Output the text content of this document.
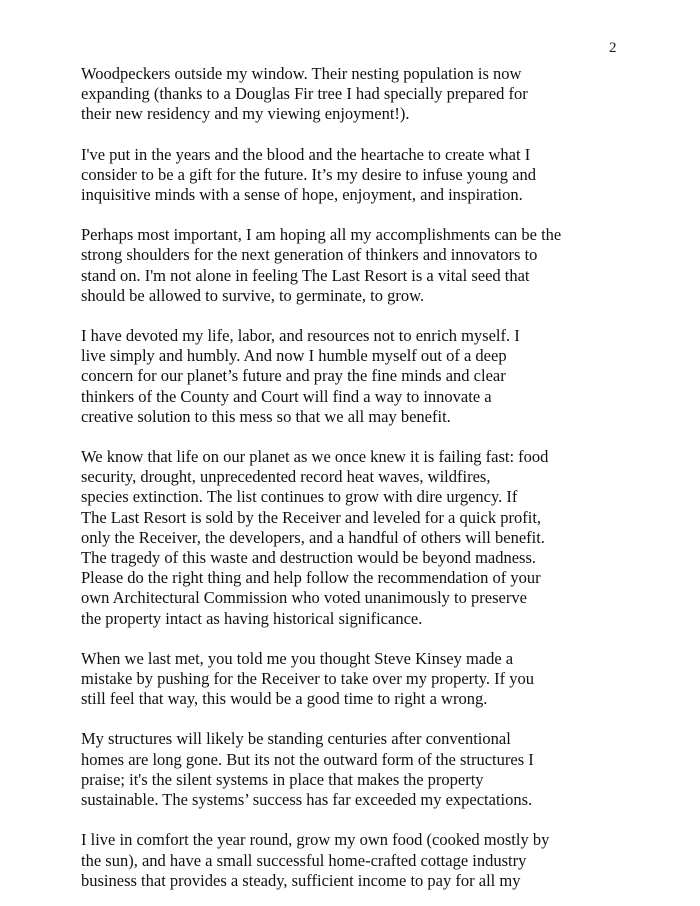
2
Woodpeckers outside my window. Their nesting population is now
expanding (thanks to a Douglas Fir tree I had specially prepared for
their new residency and my viewing enjoyment!).
I've put in the years and the blood and the heartache to create what I
consider to be a gift for the future. It’s my desire to infuse young and
inquisitive minds with a sense of hope, enjoyment, and inspiration.
Perhaps most important, I am hoping all my accomplishments can be the
strong shoulders for the next generation of thinkers and innovators to
stand on. I'm not alone in feeling The Last Resort is a vital seed that
should be allowed to survive, to germinate, to grow.
I have devoted my life, labor, and resources not to enrich myself. I
live simply and humbly. And now I humble myself out of a deep
concern for our planet’s future and pray the fine minds and clear
thinkers of the County and Court will find a way to innovate a
creative solution to this mess so that we all may benefit.
We know that life on our planet as we once knew it is failing fast: food
security, drought, unprecedented record heat waves, wildfires,
species extinction. The list continues to grow with dire urgency. If
The Last Resort is sold by the Receiver and leveled for a quick profit,
only the Receiver, the developers, and a handful of others will benefit.
The tragedy of this waste and destruction would be beyond madness.
Please do the right thing and help follow the recommendation of your
own Architectural Commission who voted unanimously to preserve
the property intact as having historical significance.
When we last met, you told me you thought Steve Kinsey made a
mistake by pushing for the Receiver to take over my property. If you
still feel that way, this would be a good time to right a wrong.
My structures will likely be standing centuries after conventional
homes are long gone. But its not the outward form of the structures I
praise; it's the silent systems in place that makes the property
sustainable. The systems’ success has far exceeded my expectations.
I live in comfort the year round, grow my own food (cooked mostly by
the sun), and have a small successful home-crafted cottage industry
business that provides a steady, sufficient income to pay for all my
